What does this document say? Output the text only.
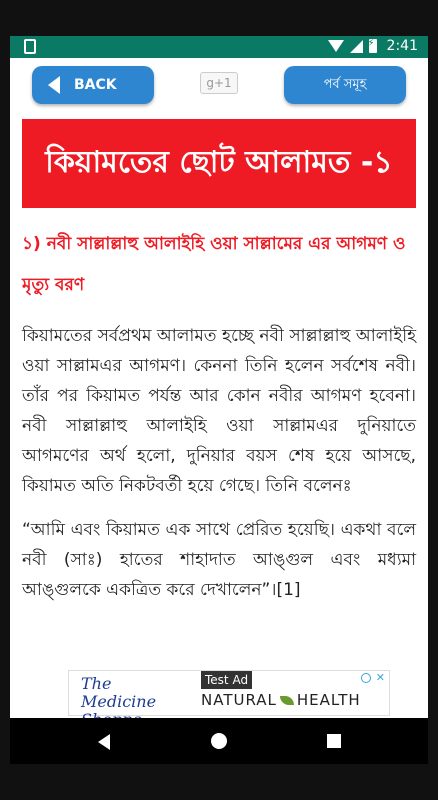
⚡
2:41
BACK	g+1	পর্ব সমূহ
কিয়ামতের ছোট আলামত -১

১) নবী সাল্লাল্লাহু আলাইহি ওয়া সাল্লামের এর আগমণ ও মৃত্যু বরণ

কিয়ামতের সর্বপ্রথম আলামত হচ্ছে নবী সাল্লাল্লাহু আলাইহি ওয়া সাল্লামএর আগমণ। কেননা তিনি হলেন সর্বশেষ নবী। তাঁর পর কিয়ামত পর্যন্ত আর কোন নবীর আগমণ হবেনা। নবী সাল্লাল্লাহু আলাইহি ওয়া সাল্লামএর দুনিয়াতে আগমণের অর্থ হলো, দুনিয়ার বয়স শেষ হয়ে আসছে, কিয়ামত অতি নিকটবর্তী হয়ে গেছে। তিনি বলেনঃ

“আমি এবং কিয়ামত এক সাথে প্রেরিত হয়েছি। একথা বলে নবী (সাঃ) হাতের শাহাদাত আঙ্গুল এবং মধ্যমা আঙ্গুলকে একত্রিত করে দেখালেন”।[1]

The Medicine
Test Ad
NATURAL HEALTH
✕
